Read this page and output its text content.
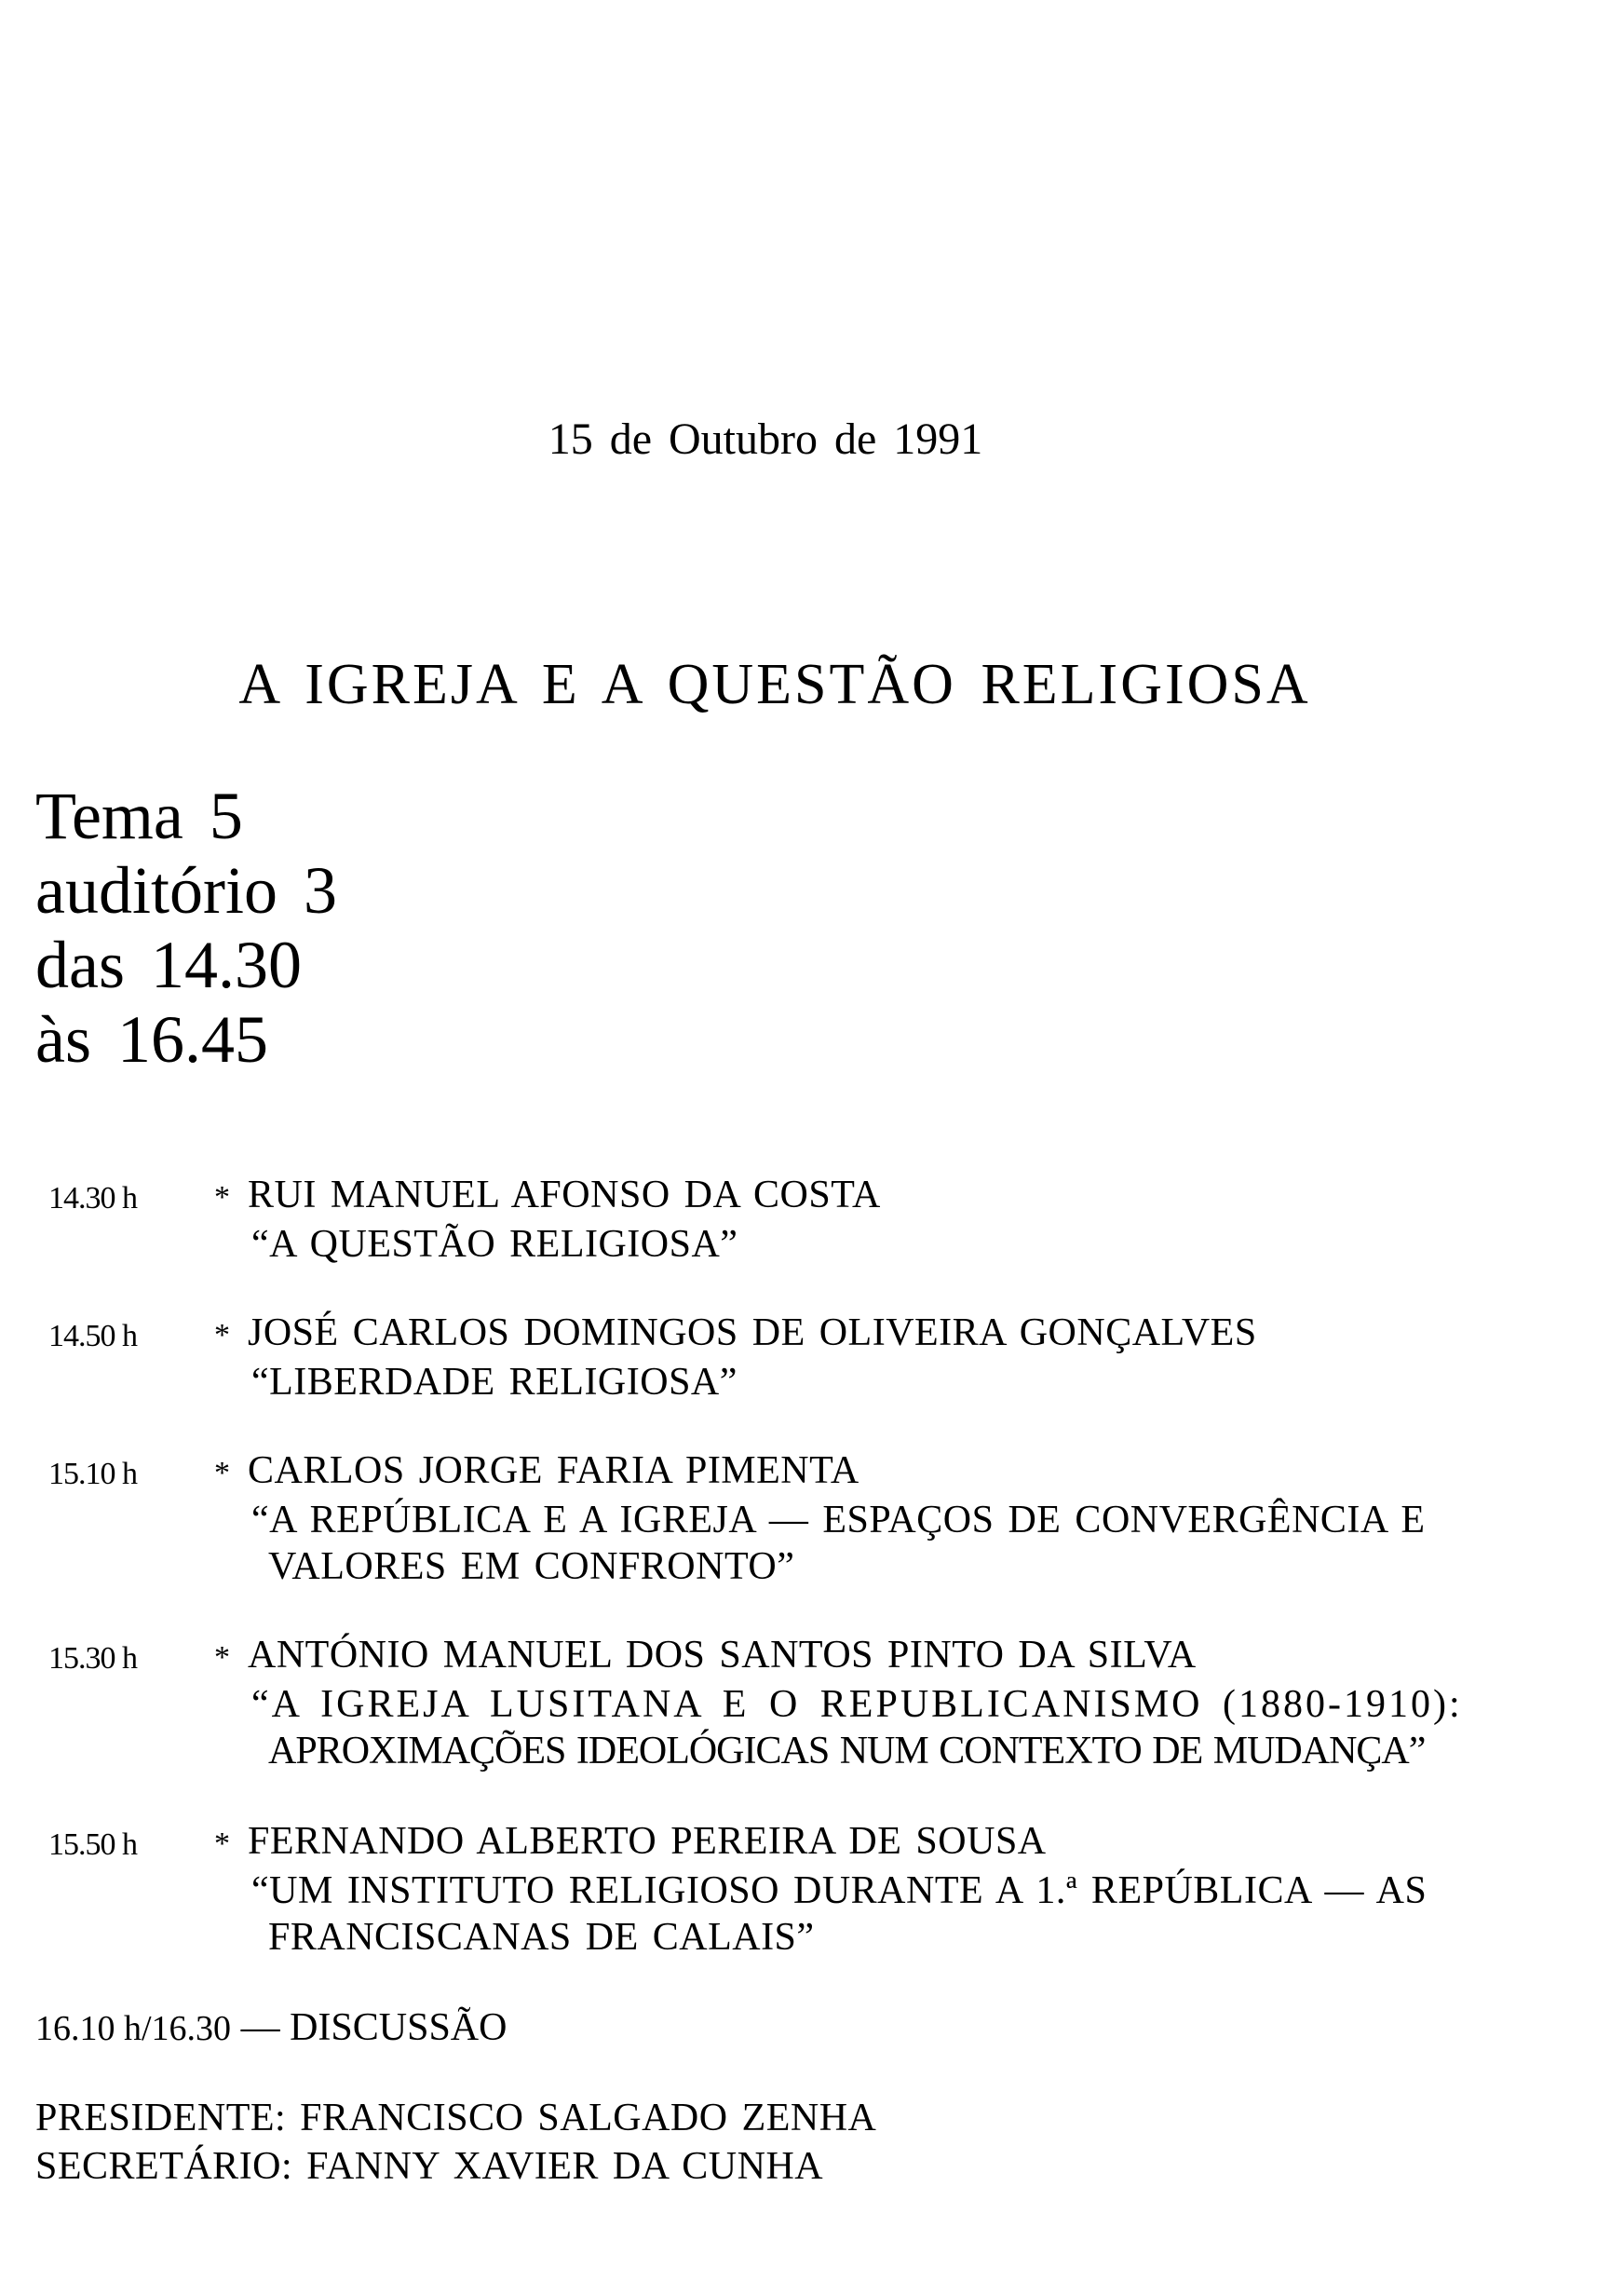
15 de Outubro de 1991
A IGREJA E A QUESTÃO RELIGIOSA
Tema 5
auditório 3
das 14.30
às 16.45
14.30 h * RUI MANUEL AFONSO DA COSTA
“A QUESTÃO RELIGIOSA”
14.50 h * JOSÉ CARLOS DOMINGOS DE OLIVEIRA GONÇALVES
“LIBERDADE RELIGIOSA”
15.10 h * CARLOS JORGE FARIA PIMENTA
“A REPÚBLICA E A IGREJA — ESPAÇOS DE CONVERGÊNCIA E
VALORES EM CONFRONTO”
15.30 h * ANTÓNIO MANUEL DOS SANTOS PINTO DA SILVA
“A IGREJA LUSITANA E O REPUBLICANISMO (1880-1910):
APROXIMAÇÕES IDEOLÓGICAS NUM CONTEXTO DE MUDANÇA”
15.50 h * FERNANDO ALBERTO PEREIRA DE SOUSA
“UM INSTITUTO RELIGIOSO DURANTE A 1.ª REPÚBLICA — AS
FRANCISCANAS DE CALAIS”
16.10 h/16.30 — DISCUSSÃO
PRESIDENTE: FRANCISCO SALGADO ZENHA
SECRETÁRIO: FANNY XAVIER DA CUNHA
